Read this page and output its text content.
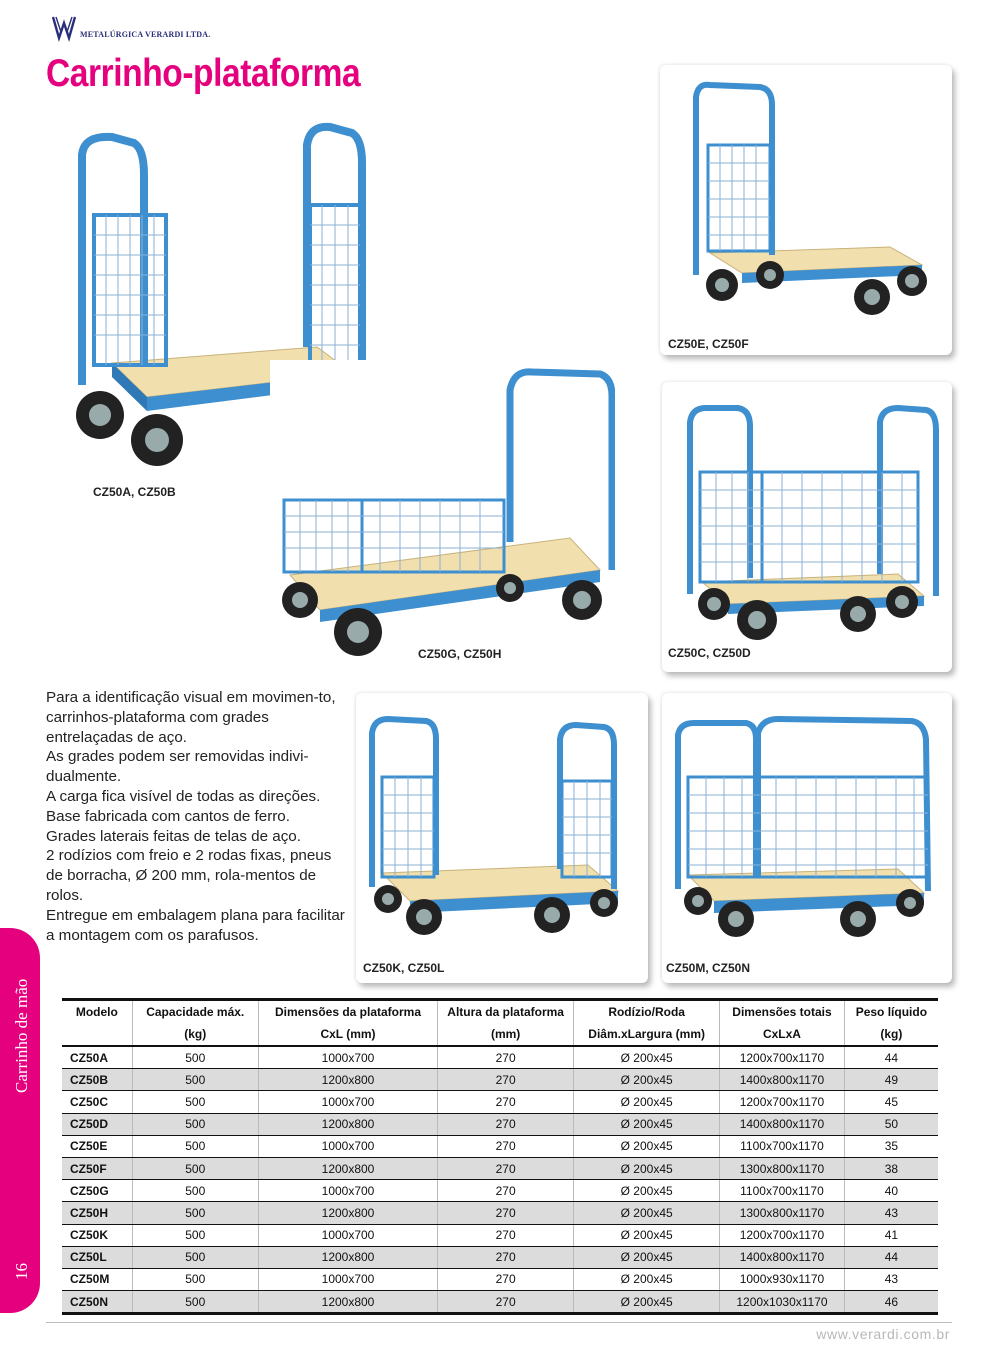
METALÚRGICA VERARDI LTDA.
Carrinho-plataforma
CZ50A, CZ50B
CZ50E, CZ50F
CZ50G, CZ50H	CZ50C, CZ50D
CZ50K, CZ50L	CZ50M, CZ50N

Para a identificação visual em movimen-to, carrinhos-plataforma com grades entrelaçadas de aço.

As grades podem ser removidas indivi-dualmente.

A carga fica visível de todas as direções.

Base fabricada com cantos de ferro.

Grades laterais feitas de telas de aço.

2 rodízios com freio e 2 rodas fixas, pneus de borracha, Ø 200 mm, rola-mentos de rolos.

Entregue em embalagem plana para facilitar a montagem com os parafusos.

Carrinho de mão
16
Modelo	Capacidade máx.	Dimensões da plataforma	Altura da plataforma	Rodízio/Roda	Dimensões totais	Peso líquido
	(kg)	CxL (mm)	(mm)	Diâm.xLargura (mm)	CxLxA	(kg)
CZ50A	500	1000x700	270	Ø 200x45	1200x700x1170	44
CZ50B	500	1200x800	270	Ø 200x45	1400x800x1170	49
CZ50C	500	1000x700	270	Ø 200x45	1200x700x1170	45
CZ50D	500	1200x800	270	Ø 200x45	1400x800x1170	50
CZ50E	500	1000x700	270	Ø 200x45	1100x700x1170	35
CZ50F	500	1200x800	270	Ø 200x45	1300x800x1170	38
CZ50G	500	1000x700	270	Ø 200x45	1100x700x1170	40
CZ50H	500	1200x800	270	Ø 200x45	1300x800x1170	43
CZ50K	500	1000x700	270	Ø 200x45	1200x700x1170	41
CZ50L	500	1200x800	270	Ø 200x45	1400x800x1170	44
CZ50M	500	1000x700	270	Ø 200x45	1000x930x1170	43
CZ50N	500	1200x800	270	Ø 200x45	1200x1030x1170	46
www.verardi.com.br
